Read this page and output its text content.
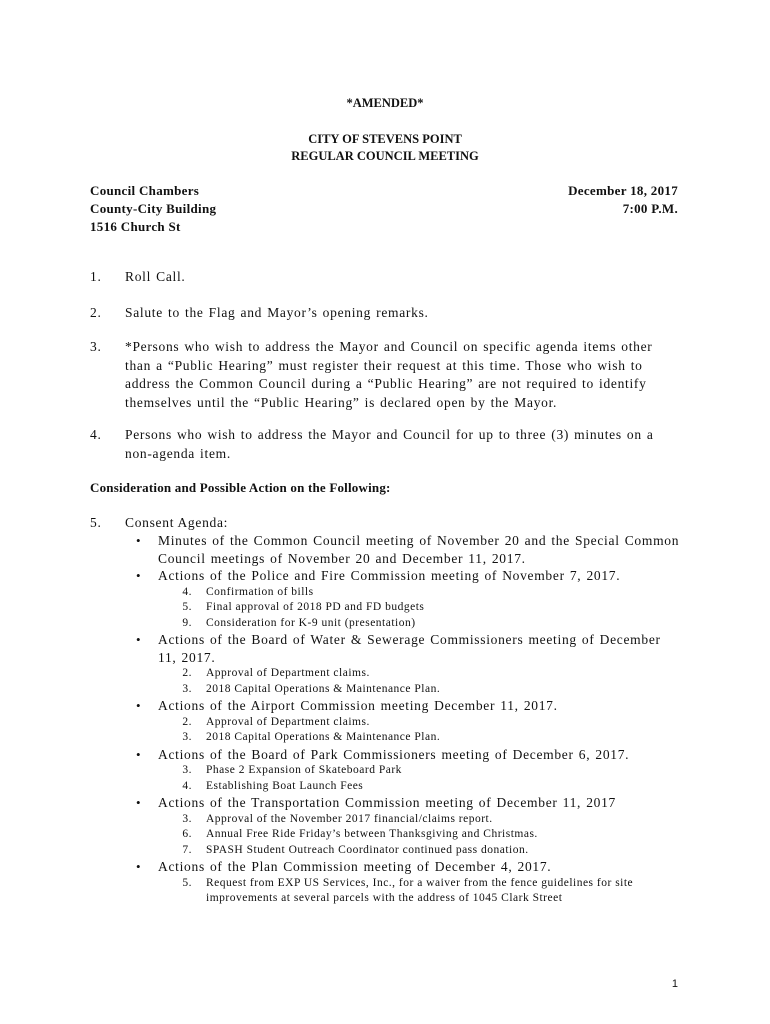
*AMENDED*
CITY OF STEVENS POINT
REGULAR COUNCIL MEETING
Council Chambers
County-City Building
1516 Church St
December 18, 2017
7:00 P.M.
1. Roll Call.
2. Salute to the Flag and Mayor’s opening remarks.
3. *Persons who wish to address the Mayor and Council on specific agenda items other than a “Public Hearing” must register their request at this time. Those who wish to address the Common Council during a “Public Hearing” are not required to identify themselves until the “Public Hearing” is declared open by the Mayor.
4. Persons who wish to address the Mayor and Council for up to three (3) minutes on a non-agenda item.
Consideration and Possible Action on the Following:
5. Consent Agenda:
• Minutes of the Common Council meeting of November 20 and the Special Common Council meetings of November 20 and December 11, 2017.
• Actions of the Police and Fire Commission meeting of November 7, 2017.
4. Confirmation of bills
5. Final approval of 2018 PD and FD budgets
9. Consideration for K-9 unit (presentation)
• Actions of the Board of Water & Sewerage Commissioners meeting of December 11, 2017.
2. Approval of Department claims.
3. 2018 Capital Operations & Maintenance Plan.
• Actions of the Airport Commission meeting December 11, 2017.
2. Approval of Department claims.
3. 2018 Capital Operations & Maintenance Plan.
• Actions of the Board of Park Commissioners meeting of December 6, 2017.
3. Phase 2 Expansion of Skateboard Park
4. Establishing Boat Launch Fees
• Actions of the Transportation Commission meeting of December 11, 2017
3. Approval of the November 2017 financial/claims report.
6. Annual Free Ride Friday’s between Thanksgiving and Christmas.
7. SPASH Student Outreach Coordinator continued pass donation.
• Actions of the Plan Commission meeting of December 4, 2017.
5. Request from EXP US Services, Inc., for a waiver from the fence guidelines for site improvements at several parcels with the address of 1045 Clark Street
1
